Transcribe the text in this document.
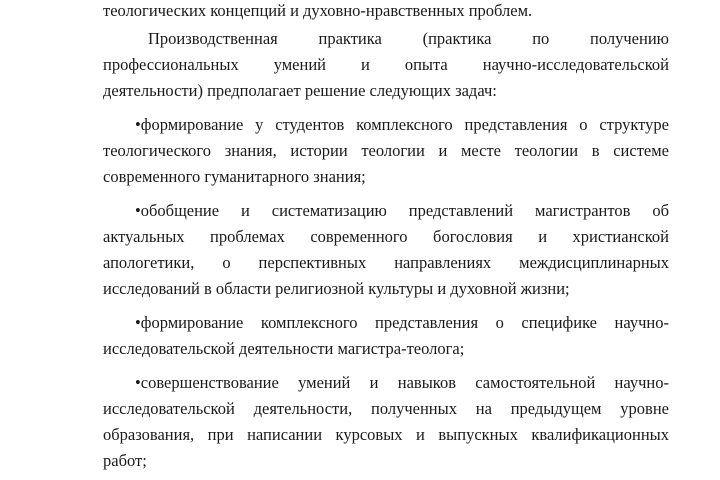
теологических концепций и духовно-нравственных проблем.
Производственная практика (практика по получению
профессиональных умений и опыта научно-исследовательской
деятельности) предполагает решение следующих задач:
•формирование у студентов комплексного представления о структуре
теологического знания, истории теологии и месте теологии в системе
современного гуманитарного знания;
•обобщение и систематизацию представлений магистрантов об
актуальных проблемах современного богословия и христианской
апологетики, о перспективных направлениях междисциплинарных
исследований в области религиозной культуры и духовной жизни;
•формирование комплексного представления о специфике научно-
исследовательской деятельности магистра-теолога;
•совершенствование умений и навыков самостоятельной научно-
исследовательской деятельности, полученных на предыдущем уровне
образования, при написании курсовых и выпускных квалификационных
работ;
